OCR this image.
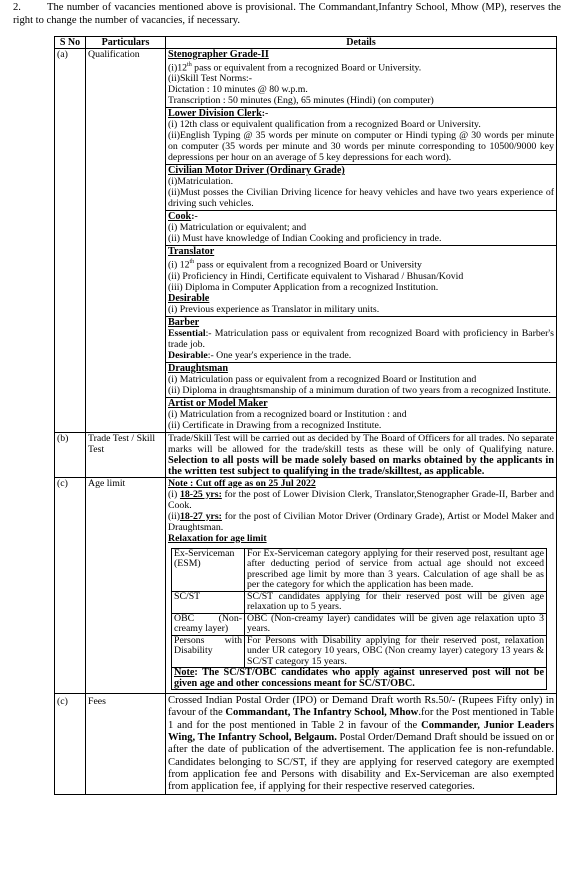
2. The number of vacancies mentioned above is provisional. The Commandant,Infantry School, Mhow (MP), reserves the right to change the number of vacancies, if necessary.
S No	Particulars	Details
(a)	Qualification	Stenographer Grade-II
(i)12th pass or equivalent from a recognized Board or University.
(ii)Skill Test Norms:-
Dictation : 10 minutes @ 80 w.p.m.
Transcription : 50 minutes (Eng), 65 minutes (Hindi) (on computer)
Lower Division Clerk:-
(i) 12th class or equivalent qualification from a recognized Board or University.
(ii)English Typing @ 35 words per minute on computer or Hindi typing @ 30 words per minute on computer (35 words per minute and 30 words per minute corresponding to 10500/9000 key depressions per hour on an average of 5 key depressions for each word).
Civilian Motor Driver (Ordinary Grade)
(i)Matriculation.
(ii)Must posses the Civilian Driving licence for heavy vehicles and have two years experience of driving such vehicles.
Cook:-
(i) Matriculation or equivalent; and
(ii) Must have knowledge of Indian Cooking and proficiency in trade.
Translator
(i) 12th pass or equivalent from a recognized Board or University
(ii) Proficiency in Hindi, Certificate equivalent to Visharad / Bhusan/Kovid
(iii) Diploma in Computer Application from a recognized Institution.
Desirable
(i) Previous experience as Translator in military units.
Barber
Essential:- Matriculation pass or equivalent from recognized Board with proficiency in Barber's trade job.
Desirable:- One year's experience in the trade.
Draughtsman
(i) Matriculation pass or equivalent from a recognized Board or Institution and
(ii) Diploma in draughtsmanship of a minimum duration of two years from a recognized Institute.
Artist or Model Maker
(i) Matriculation from a recognized board or Institution : and
(ii) Certificate in Drawing from a recognized Institute.

(b)	Trade Test / Skill Test	Trade/Skill Test will be carried out as decided by The Board of Officers for all trades. No separate marks will be allowed for the trade/skill tests as these will be only of Qualifying nature. Selection to all posts will be made solely based on marks obtained by the applicants in the written test subject to qualifying in the trade/skilltest, as applicable.
(c)	Age limit	Note : Cut off age as on 25 Jul 2022
(i) 18-25 yrs: for the post of Lower Division Clerk, Translator,Stenographer Grade-II, Barber and Cook.
(ii)18-27 yrs: for the post of Civilian Motor Driver (Ordinary Grade), Artist or Model Maker and Draughtsman.
Relaxation for age limit
Ex-Serviceman (ESM)	For Ex-Serviceman category applying for their reserved post, resultant age after deducting period of service from actual age should not exceed prescribed age limit by more than 3 years. Calculation of age shall be as per the category for which the application has been made.
SC/ST	SC/ST candidates applying for their reserved post will be given age relaxation up to 5 years.
OBC (Non-creamy layer)	OBC (Non-creamy layer) candidates will be given age relaxation upto 3 years.
Persons with Disability	For Persons with Disability applying for their reserved post, relaxation under UR category 10 years, OBC (Non creamy layer) category 13 years & SC/ST category 15 years.
Note: The SC/ST/OBC candidates who apply against unreserved post will not be given age and other concessions meant for SC/ST/OBC.

(c)	Fees	Crossed Indian Postal Order (IPO) or Demand Draft worth Rs.50/- (Rupees Fifty only) in favour of the Commandant, The Infantry School, Mhow.for the Post mentioned in Table 1 and for the post mentioned in Table 2 in favour of the Commander, Junior Leaders Wing, The Infantry School, Belgaum. Postal Order/Demand Draft should be issued on or after the date of publication of the advertisement. The application fee is non-refundable. Candidates belonging to SC/ST, if they are applying for reserved category are exempted from application fee and Persons with disability and Ex-Serviceman are also exempted from application fee, if applying for their respective reserved categories.
